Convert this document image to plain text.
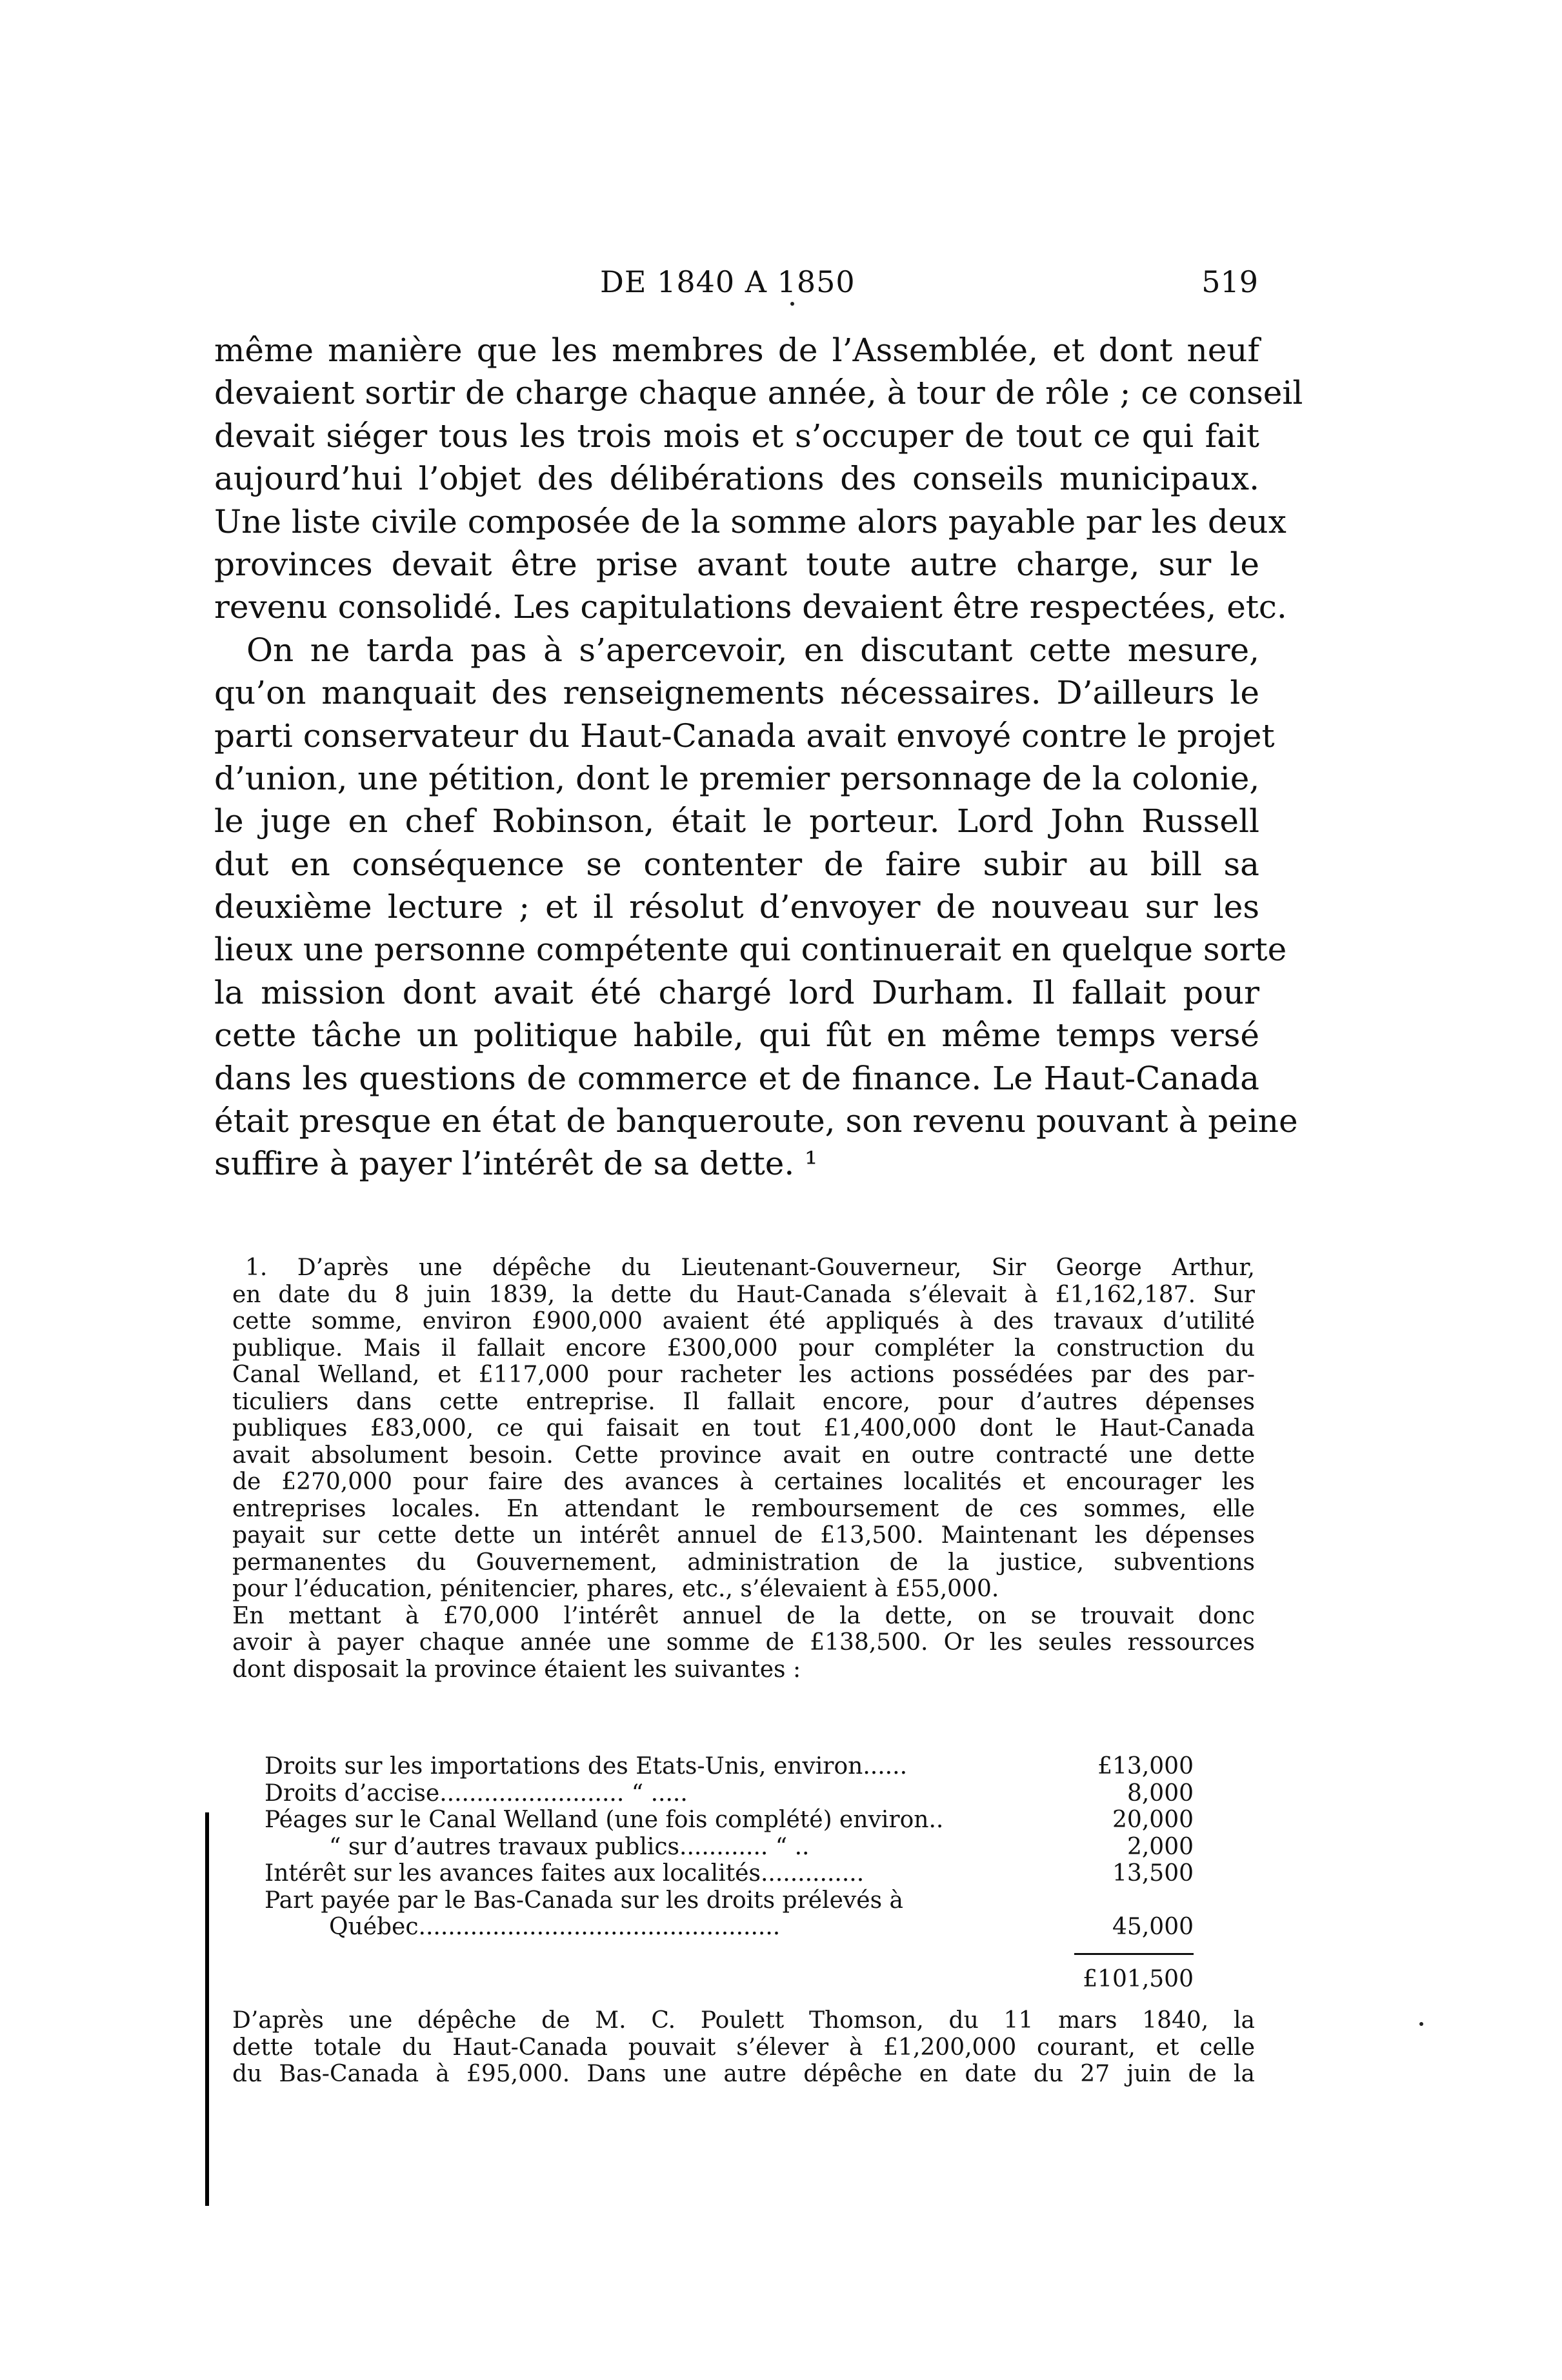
DE 1840 A 1850	519
même manière que les membres de l’Assemblée, et dont neuf
devaient sortir de charge chaque année, à tour de rôle ; ce conseil
devait siéger tous les trois mois et s’occuper de tout ce qui fait
aujourd’hui l’objet des délibérations des conseils municipaux.
Une liste civile composée de la somme alors payable par les deux
provinces devait être prise avant toute autre charge, sur le
revenu consolidé. Les capitulations devaient être respectées, etc.
On ne tarda pas à s’apercevoir, en discutant cette mesure,
qu’on manquait des renseignements nécessaires. D’ailleurs le
parti conservateur du Haut-Canada avait envoyé contre le projet
d’union, une pétition, dont le premier personnage de la colonie,
le juge en chef Robinson, était le porteur. Lord John Russell
dut en conséquence se contenter de faire subir au bill sa
deuxième lecture ; et il résolut d’envoyer de nouveau sur les
lieux une personne compétente qui continuerait en quelque sorte
la mission dont avait été chargé lord Durham. Il fallait pour
cette tâche un politique habile, qui fût en même temps versé
dans les questions de commerce et de finance. Le Haut-Canada
était presque en état de banqueroute, son revenu pouvant à peine
suffire à payer l’intérêt de sa dette. ¹
1. D’après une dépêche du Lieutenant-Gouverneur, Sir George Arthur,
en date du 8 juin 1839, la dette du Haut-Canada s’élevait à £1,162,187. Sur
cette somme, environ £900,000 avaient été appliqués à des travaux d’utilité
publique. Mais il fallait encore £300,000 pour compléter la construction du
Canal Welland, et £117,000 pour racheter les actions possédées par des par-
ticuliers dans cette entreprise. Il fallait encore, pour d’autres dépenses
publiques £83,000, ce qui faisait en tout £1,400,000 dont le Haut-Canada
avait absolument besoin. Cette province avait en outre contracté une dette
de £270,000 pour faire des avances à certaines localités et encourager les
entreprises locales. En attendant le remboursement de ces sommes, elle
payait sur cette dette un intérêt annuel de £13,500. Maintenant les dépenses
permanentes du Gouvernement, administration de la justice, subventions
pour l’éducation, pénitencier, phares, etc., s’élevaient à £55,000.
En mettant à £70,000 l’intérêt annuel de la dette, on se trouvait donc
avoir à payer chaque année une somme de £138,500. Or les seules ressources
dont disposait la province étaient les suivantes :
Droits sur les importations des Etats-Unis, environ......	£13,000
Droits d’accise......................... “ .....	8,000
Péages sur le Canal Welland (une fois complété) environ..	20,000
“ sur d’autres travaux publics............ “ ..	2,000
Intérêt sur les avances faites aux localités..............	13,500
Part payée par le Bas-Canada sur les droits prélevés à
Québec.................................................	45,000
£101,500
D’après une dépêche de M. C. Poulett Thomson, du 11 mars 1840, la
dette totale du Haut-Canada pouvait s’élever à £1,200,000 courant, et celle
du Bas-Canada à £95,000. Dans une autre dépêche en date du 27 juin de la
